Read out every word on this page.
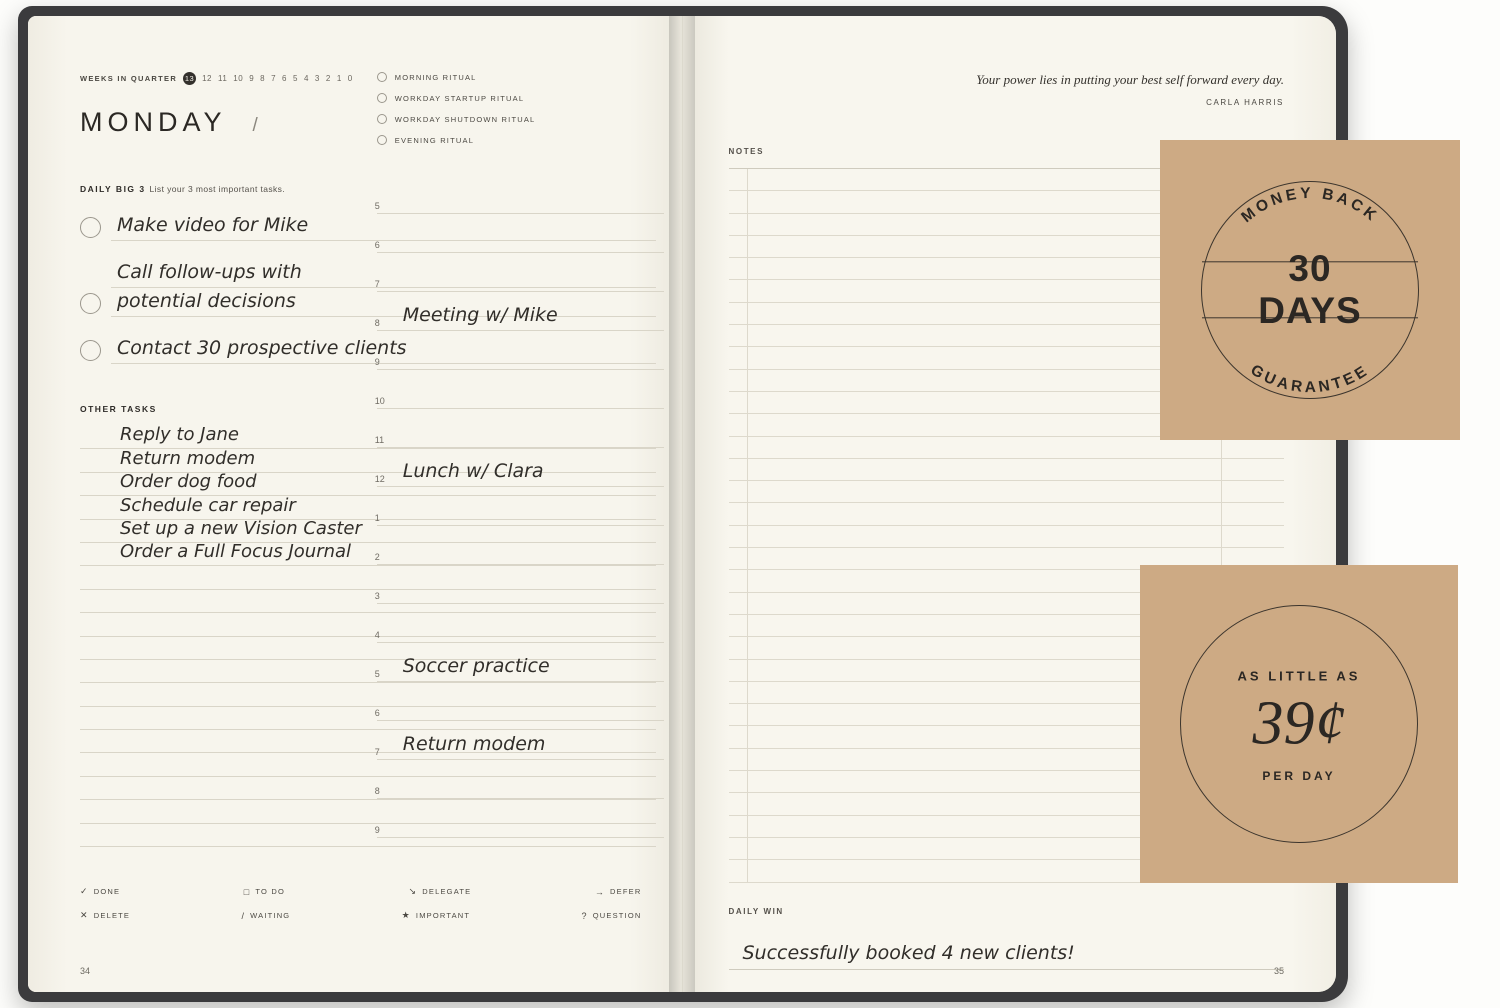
WEEKS IN QUARTER 13 12 11 10 9 8 7 6 5 4 3 2 1 0
MONDAY /
DAILY BIG 3 List your 3 most important tasks.
Make video for Mike
Call follow-ups with
potential decisions
Contact 30 prospective clients
OTHER TASKS
Reply to Jane
Return modem
Order dog food
Schedule car repair
Set up a new Vision Caster
Order a Full Focus Journal
✓ DONE	□ TO DO	↘ DELEGATE	→ DEFER
✕ DELETE	/ WAITING	★ IMPORTANT	? QUESTION
34
MORNING RITUAL
WORKDAY STARTUP RITUAL
WORKDAY SHUTDOWN RITUAL
EVENING RITUAL
5
6
7
8 Meeting w/ Mike
9
10
11
12 Lunch w/ Clara
1
2
3
4
5 Soccer practice
6
7 Return modem
8
9
Your power lies in putting your best self forward every day.
CARLA HARRIS
NOTES
DAILY WIN
Successfully booked 4 new clients!
35
MONEY BACK
GUARANTEE
30 DAYS
AS LITTLE AS
39¢
PER DAY
